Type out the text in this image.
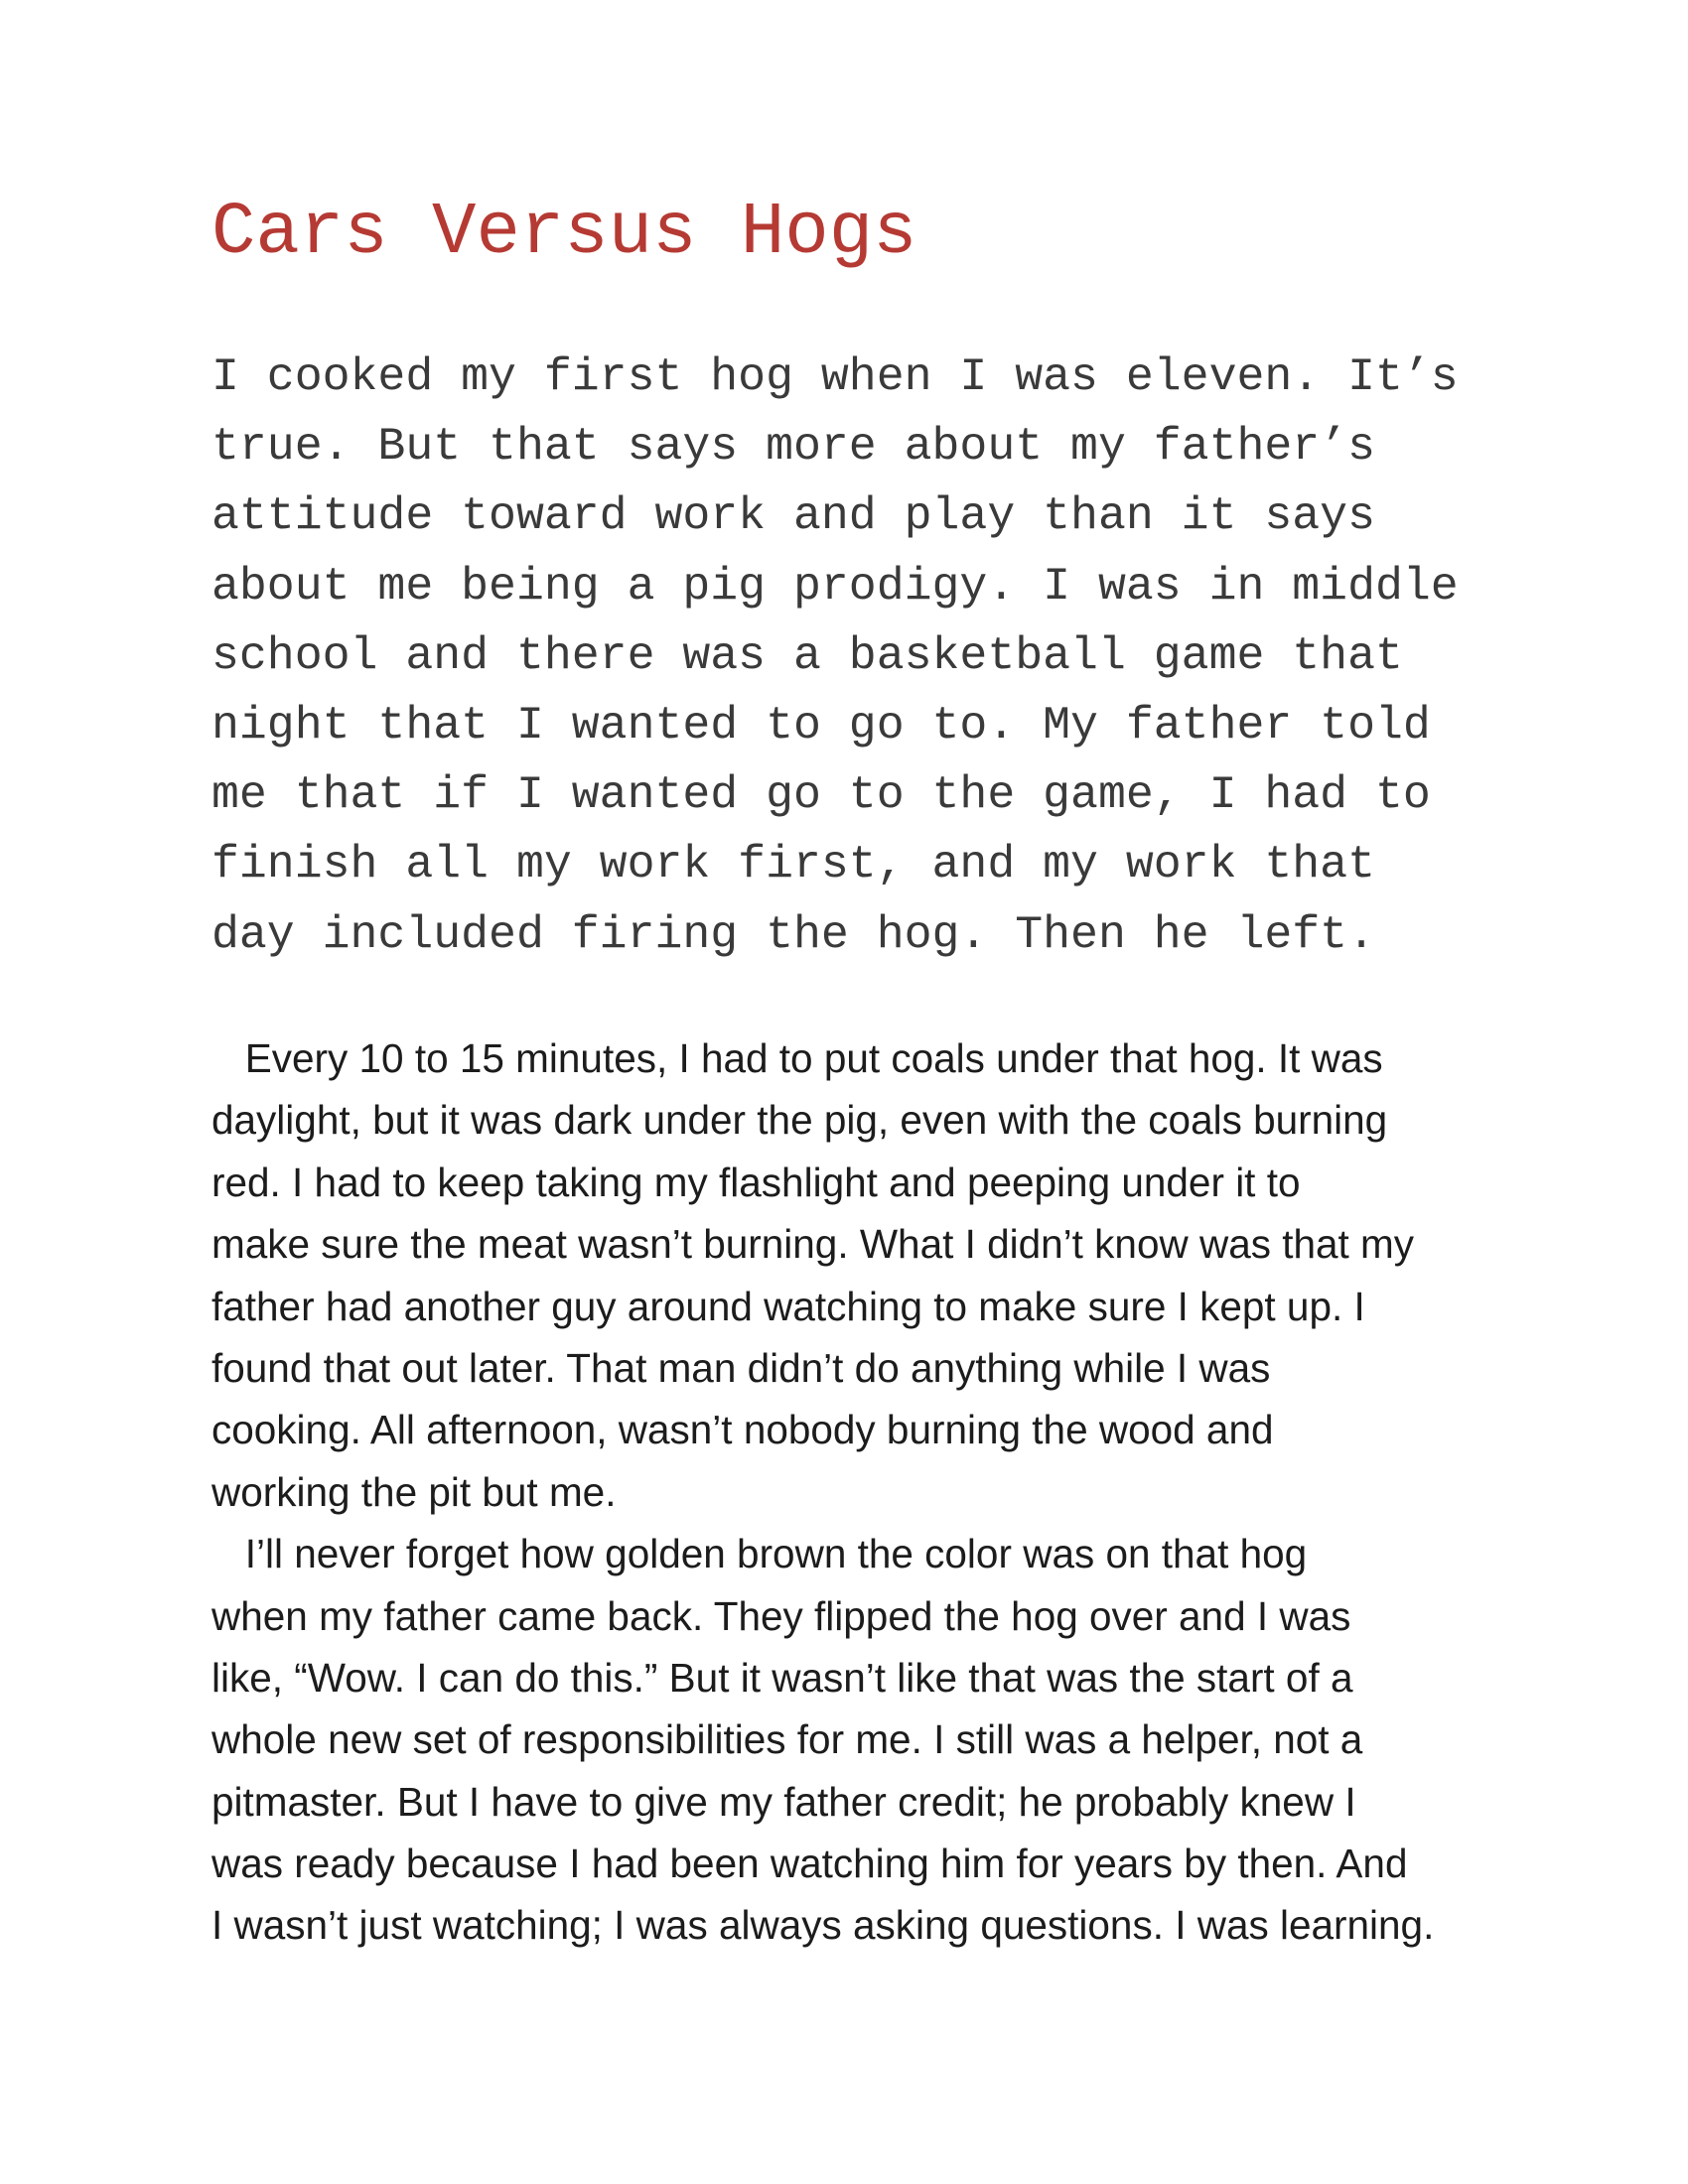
Cars Versus Hogs
I cooked my first hog when I was eleven. It’s
true. But that says more about my father’s
attitude toward work and play than it says
about me being a pig prodigy. I was in middle
school and there was a basketball game that
night that I wanted to go to. My father told
me that if I wanted go to the game, I had to
finish all my work first, and my work that
day included firing the hog. Then he left.
Every 10 to 15 minutes, I had to put coals under that hog. It was
daylight, but it was dark under the pig, even with the coals burning
red. I had to keep taking my flashlight and peeping under it to
make sure the meat wasn’t burning. What I didn’t know was that my
father had another guy around watching to make sure I kept up. I
found that out later. That man didn’t do anything while I was
cooking. All afternoon, wasn’t nobody burning the wood and
working the pit but me.
I’ll never forget how golden brown the color was on that hog
when my father came back. They flipped the hog over and I was
like, “Wow. I can do this.” But it wasn’t like that was the start of a
whole new set of responsibilities for me. I still was a helper, not a
pitmaster. But I have to give my father credit; he probably knew I
was ready because I had been watching him for years by then. And
I wasn’t just watching; I was always asking questions. I was learning.
